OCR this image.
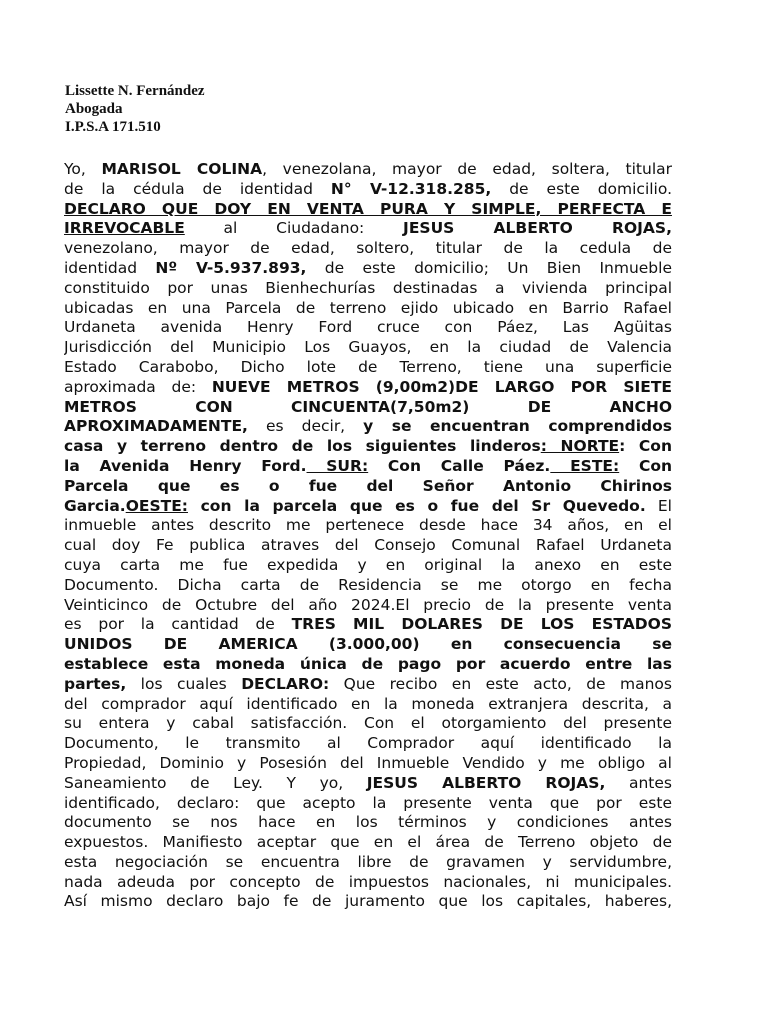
Lissette N. Fernández
Abogada
I.P.S.A 171.510
Yo, MARISOL COLINA, venezolana, mayor de edad, soltera, titular
de la cédula de identidad N° V-12.318.285, de este domicilio.
DECLARO QUE DOY EN VENTA PURA Y SIMPLE, PERFECTA E
IRREVOCABLE al Ciudadano: JESUS ALBERTO ROJAS,
venezolano, mayor de edad, soltero, titular de la cedula de
identidad Nº V-5.937.893, de este domicilio; Un Bien Inmueble
constituido por unas Bienhechurías destinadas a vivienda principal
ubicadas en una Parcela de terreno ejido ubicado en Barrio Rafael
Urdaneta avenida Henry Ford cruce con Páez, Las Agüitas
Jurisdicción del Municipio Los Guayos, en la ciudad de Valencia
Estado Carabobo, Dicho lote de Terreno, tiene una superficie
aproximada de: NUEVE METROS (9,00m2)DE LARGO POR SIETE
METROS CON CINCUENTA(7,50m2) DE ANCHO
APROXIMADAMENTE, es decir, y se encuentran comprendidos
casa y terreno dentro de los siguientes linderos: NORTE: Con
la Avenida Henry Ford. SUR: Con Calle Páez. ESTE: Con
Parcela que es o fue del Señor Antonio Chirinos
Garcia.OESTE: con la parcela que es o fue del Sr Quevedo. El
inmueble antes descrito me pertenece desde hace 34 años, en el
cual doy Fe publica atraves del Consejo Comunal Rafael Urdaneta
cuya carta me fue expedida y en original la anexo en este
Documento. Dicha carta de Residencia se me otorgo en fecha
Veinticinco de Octubre del año 2024.El precio de la presente venta
es por la cantidad de TRES MIL DOLARES DE LOS ESTADOS
UNIDOS DE AMERICA (3.000,00) en consecuencia se
establece esta moneda única de pago por acuerdo entre las
partes, los cuales DECLARO: Que recibo en este acto, de manos
del comprador aquí identificado en la moneda extranjera descrita, a
su entera y cabal satisfacción. Con el otorgamiento del presente
Documento, le transmito al Comprador aquí identificado la
Propiedad, Dominio y Posesión del Inmueble Vendido y me obligo al
Saneamiento de Ley. Y yo, JESUS ALBERTO ROJAS, antes
identificado, declaro: que acepto la presente venta que por este
documento se nos hace en los términos y condiciones antes
expuestos. Manifiesto aceptar que en el área de Terreno objeto de
esta negociación se encuentra libre de gravamen y servidumbre,
nada adeuda por concepto de impuestos nacionales, ni municipales.
Así mismo declaro bajo fe de juramento que los capitales, haberes,
